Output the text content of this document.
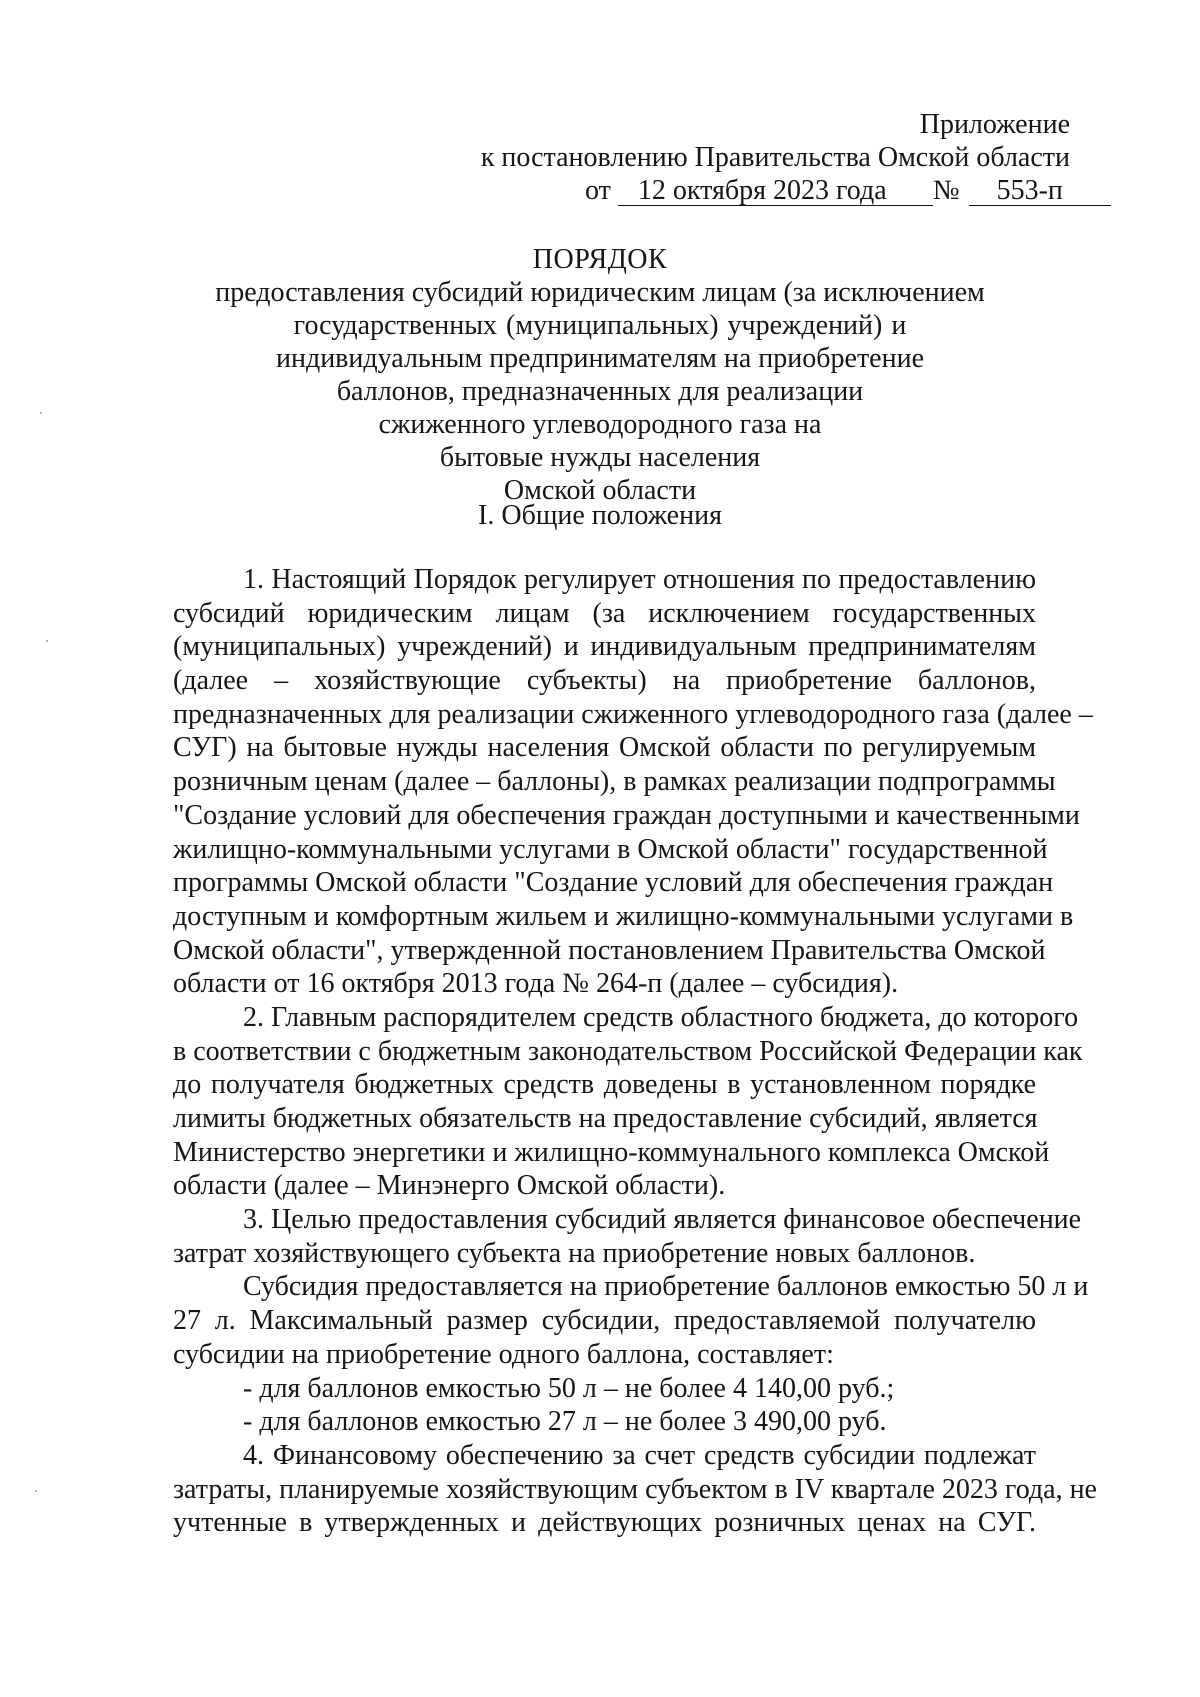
Приложение
к постановлению Правительства Омской области
от 12 октября 2023 года № 553-п
ПОРЯДОК
предоставления субсидий юридическим лицам (за исключением
государственных (муниципальных) учреждений) и
индивидуальным предпринимателям на приобретение
баллонов, предназначенных для реализации
сжиженного углеводородного газа на
бытовые нужды населения
Омской области
I. Общие положения
1. Настоящий Порядок регулирует отношения по предоставлению
субсидий юридическим лицам (за исключением государственных
(муниципальных) учреждений) и индивидуальным предпринимателям
(далее – хозяйствующие субъекты) на приобретение баллонов,
предназначенных для реализации сжиженного углеводородного газа (далее –
СУГ) на бытовые нужды населения Омской области по регулируемым
розничным ценам (далее – баллоны), в рамках реализации подпрограммы
"Создание условий для обеспечения граждан доступными и качественными
жилищно-коммунальными услугами в Омской области" государственной
программы Омской области "Создание условий для обеспечения граждан
доступным и комфортным жильем и жилищно-коммунальными услугами в
Омской области", утвержденной постановлением Правительства Омской
области от 16 октября 2013 года № 264-п (далее – субсидия).
2. Главным распорядителем средств областного бюджета, до которого
в соответствии с бюджетным законодательством Российской Федерации как
до получателя бюджетных средств доведены в установленном порядке
лимиты бюджетных обязательств на предоставление субсидий, является
Министерство энергетики и жилищно-коммунального комплекса Омской
области (далее – Минэнерго Омской области).
3. Целью предоставления субсидий является финансовое обеспечение
затрат хозяйствующего субъекта на приобретение новых баллонов.
Субсидия предоставляется на приобретение баллонов емкостью 50 л и
27 л. Максимальный размер субсидии, предоставляемой получателю
субсидии на приобретение одного баллона, составляет:
- для баллонов емкостью 50 л – не более 4 140,00 руб.;
- для баллонов емкостью 27 л – не более 3 490,00 руб.
4. Финансовому обеспечению за счет средств субсидии подлежат
затраты, планируемые хозяйствующим субъектом в IV квартале 2023 года, не
учтенные в утвержденных и действующих розничных ценах на СУГ.
